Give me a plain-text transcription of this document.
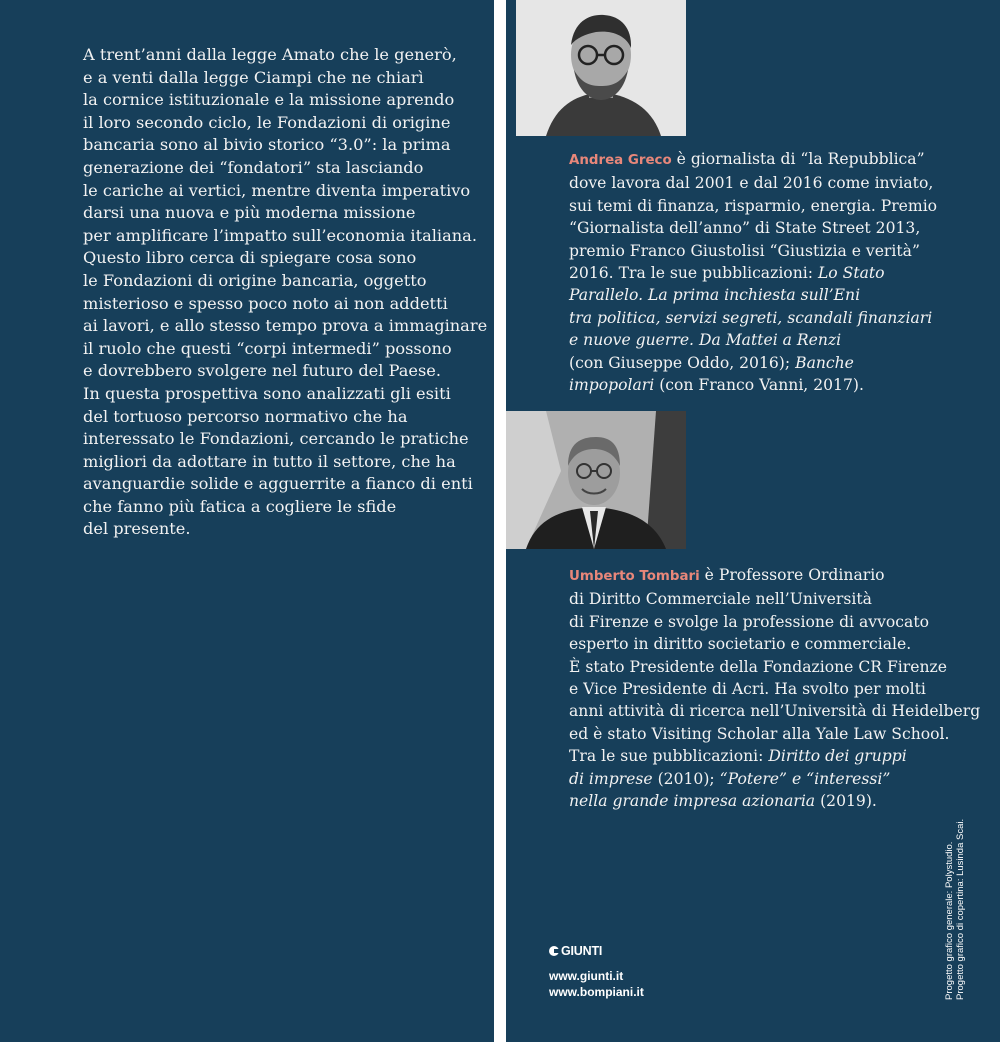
A trent’anni dalla legge Amato che le generò,
e a venti dalla legge Ciampi che ne chiarì
la cornice istituzionale e la missione aprendo
il loro secondo ciclo, le Fondazioni di origine
bancaria sono al bivio storico “3.0”: la prima
generazione dei “fondatori” sta lasciando
le cariche ai vertici, mentre diventa imperativo
darsi una nuova e più moderna missione
per amplificare l’impatto sull’economia italiana.
Questo libro cerca di spiegare cosa sono
le Fondazioni di origine bancaria, oggetto
misterioso e spesso poco noto ai non addetti
ai lavori, e allo stesso tempo prova a immaginare
il ruolo che questi “corpi intermedi” possono
e dovrebbero svolgere nel futuro del Paese.
In questa prospettiva sono analizzati gli esiti
del tortuoso percorso normativo che ha
interessato le Fondazioni, cercando le pratiche
migliori da adottare in tutto il settore, che ha
avanguardie solide e agguerrite a fianco di enti
che fanno più fatica a cogliere le sfide
del presente.
Andrea Greco è giornalista di “la Repubblica”
dove lavora dal 2001 e dal 2016 come inviato,
sui temi di finanza, risparmio, energia. Premio
“Giornalista dell’anno” di State Street 2013,
premio Franco Giustolisi “Giustizia e verità”
2016. Tra le sue pubblicazioni: Lo Stato
Parallelo. La prima inchiesta sull’Eni
tra politica, servizi segreti, scandali finanziari
e nuove guerre. Da Mattei a Renzi
(con Giuseppe Oddo, 2016); Banche
impopolari (con Franco Vanni, 2017).
Umberto Tombari è Professore Ordinario
di Diritto Commerciale nell’Università
di Firenze e svolge la professione di avvocato
esperto in diritto societario e commerciale.
È stato Presidente della Fondazione CR Firenze
e Vice Presidente di Acri. Ha svolto per molti
anni attività di ricerca nell’Università di Heidelberg
ed è stato Visiting Scholar alla Yale Law School.
Tra le sue pubblicazioni: Diritto dei gruppi
di imprese (2010); “Potere” e “interessi”
nella grande impresa azionaria (2019).
GIUNTI
www.giunti.it
www.bompiani.it	Progetto grafico generale: Polystudio. Progetto grafico di copertina: Lusinda Scai.
